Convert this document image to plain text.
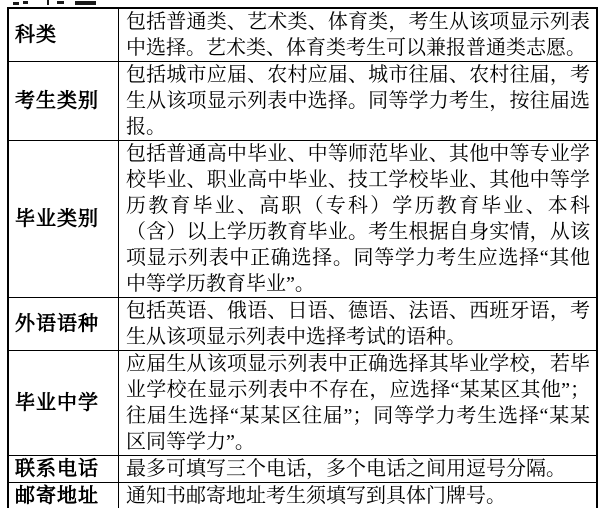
科类	包括普通类、艺术类、体育类，考生从该项显示列表中选择。艺术类、体育类考生可以兼报普通类志愿。
考生类别	包括城市应届、农村应届、城市往届、农村往届，考生从该项显示列表中选择。同等学力考生，按往届选报。
毕业类别	包括普通高中毕业、中等师范毕业、其他中等专业学校毕业、职业高中毕业、技工学校毕业、其他中等学历教育毕业、高职（专科）学历教育毕业、本科（含）以上学历教育毕业。考生根据自身实情，从该项显示列表中正确选择。同等学力考生应选择“其他中等学历教育毕业”。
外语语种	包括英语、俄语、日语、德语、法语、西班牙语，考生从该项显示列表中选择考试的语种。
毕业中学	应届生从该项显示列表中正确选择其毕业学校，若毕业学校在显示列表中不存在，应选择“某某区其他”；往届生选择“某某区往届”；同等学力考生选择“某某区同等学力”。
联系电话	最多可填写三个电话，多个电话之间用逗号分隔。
邮寄地址	通知书邮寄地址考生须填写到具体门牌号。
